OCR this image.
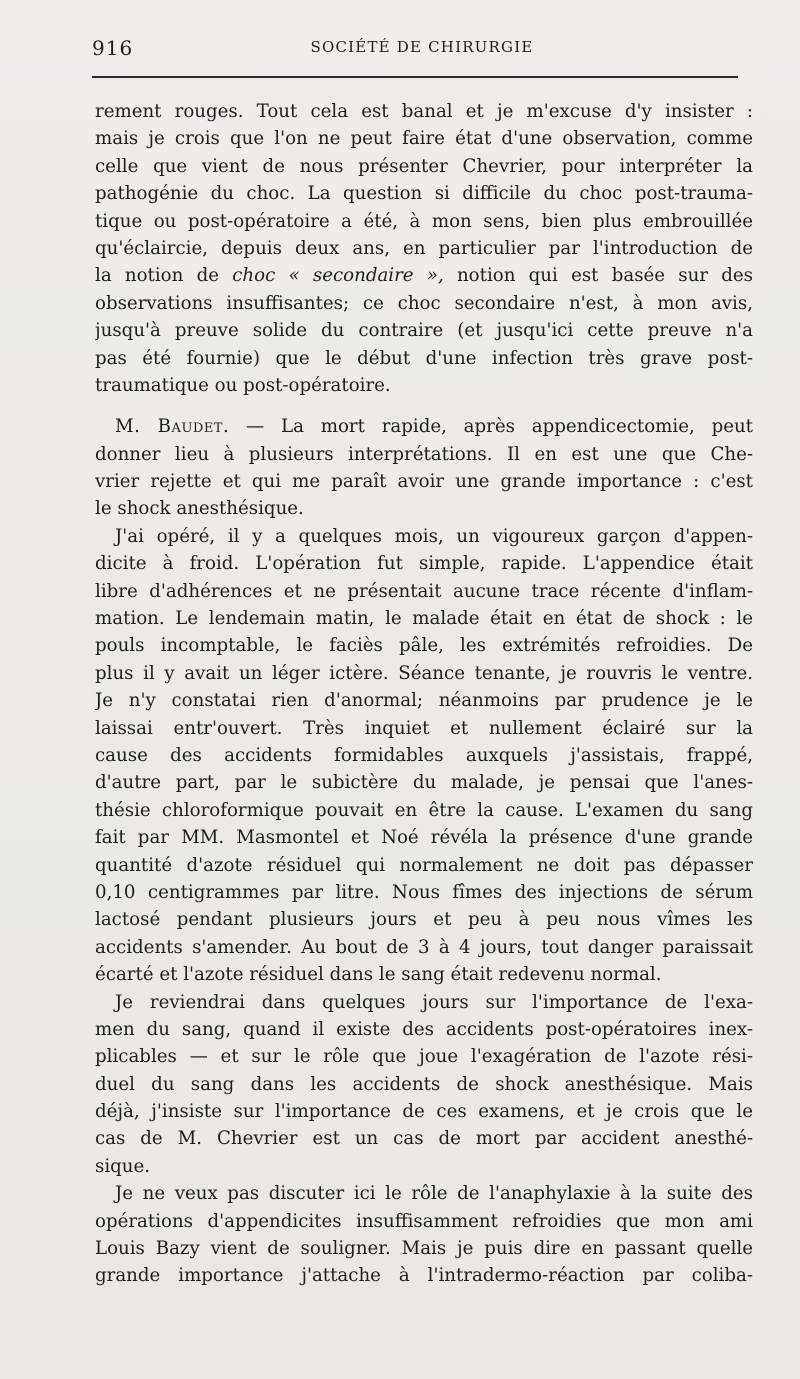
916	SOCIÉTÉ DE CHIRURGIE
rement rouges. Tout cela est banal et je m'excuse d'y insister :
mais je crois que l'on ne peut faire état d'une observation, comme
celle que vient de nous présenter Chevrier, pour interpréter la
pathogénie du choc. La question si difficile du choc post-trauma-
tique ou post-opératoire a été, à mon sens, bien plus embrouillée
qu'éclaircie, depuis deux ans, en particulier par l'introduction de
la notion de choc « secondaire », notion qui est basée sur des
observations insuffisantes; ce choc secondaire n'est, à mon avis,
jusqu'à preuve solide du contraire (et jusqu'ici cette preuve n'a
pas été fournie) que le début d'une infection très grave post-
traumatique ou post-opératoire.
M. Baudet. — La mort rapide, après appendicectomie, peut
donner lieu à plusieurs interprétations. Il en est une que Che-
vrier rejette et qui me paraît avoir une grande importance : c'est
le shock anesthésique.
J'ai opéré, il y a quelques mois, un vigoureux garçon d'appen-
dicite à froid. L'opération fut simple, rapide. L'appendice était
libre d'adhérences et ne présentait aucune trace récente d'inflam-
mation. Le lendemain matin, le malade était en état de shock : le
pouls incomptable, le faciès pâle, les extrémités refroidies. De
plus il y avait un léger ictère. Séance tenante, je rouvris le ventre.
Je n'y constatai rien d'anormal; néanmoins par prudence je le
laissai entr'ouvert. Très inquiet et nullement éclairé sur la
cause des accidents formidables auxquels j'assistais, frappé,
d'autre part, par le subictère du malade, je pensai que l'anes-
thésie chloroformique pouvait en être la cause. L'examen du sang
fait par MM. Masmontel et Noé révéla la présence d'une grande
quantité d'azote résiduel qui normalement ne doit pas dépasser
0,10 centigrammes par litre. Nous fîmes des injections de sérum
lactosé pendant plusieurs jours et peu à peu nous vîmes les
accidents s'amender. Au bout de 3 à 4 jours, tout danger paraissait
écarté et l'azote résiduel dans le sang était redevenu normal.
Je reviendrai dans quelques jours sur l'importance de l'exa-
men du sang, quand il existe des accidents post-opératoires inex-
plicables — et sur le rôle que joue l'exagération de l'azote rési-
duel du sang dans les accidents de shock anesthésique. Mais
déjà, j'insiste sur l'importance de ces examens, et je crois que le
cas de M. Chevrier est un cas de mort par accident anesthé-
sique.
Je ne veux pas discuter ici le rôle de l'anaphylaxie à la suite des
opérations d'appendicites insuffisamment refroidies que mon ami
Louis Bazy vient de souligner. Mais je puis dire en passant quelle
grande importance j'attache à l'intradermo-réaction par coliba-
